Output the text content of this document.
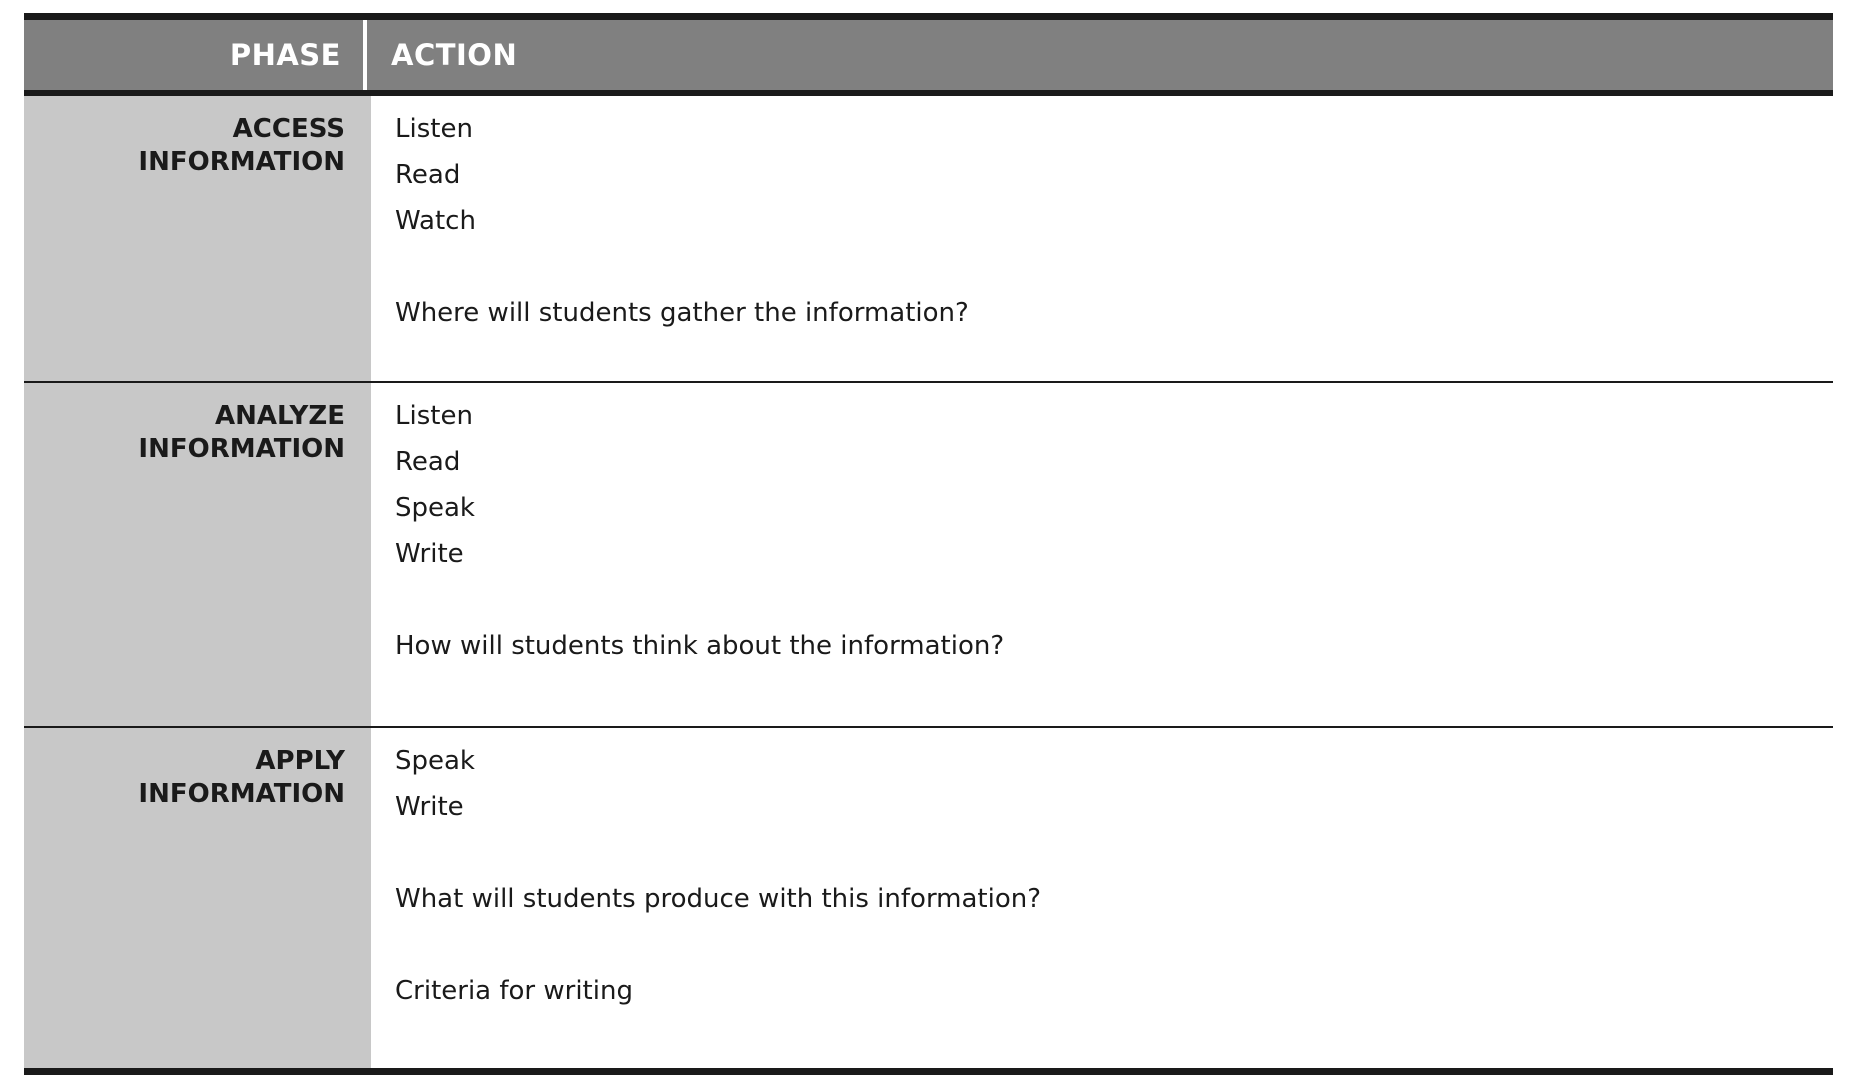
PHASE	ACTION
ACCESS
INFORMATION
Listen
Read
Watch
Where will students gather the information?
ANALYZE
INFORMATION
Listen
Read
Speak
Write
How will students think about the information?
APPLY
INFORMATION
Speak
Write
What will students produce with this information?
Criteria for writing
